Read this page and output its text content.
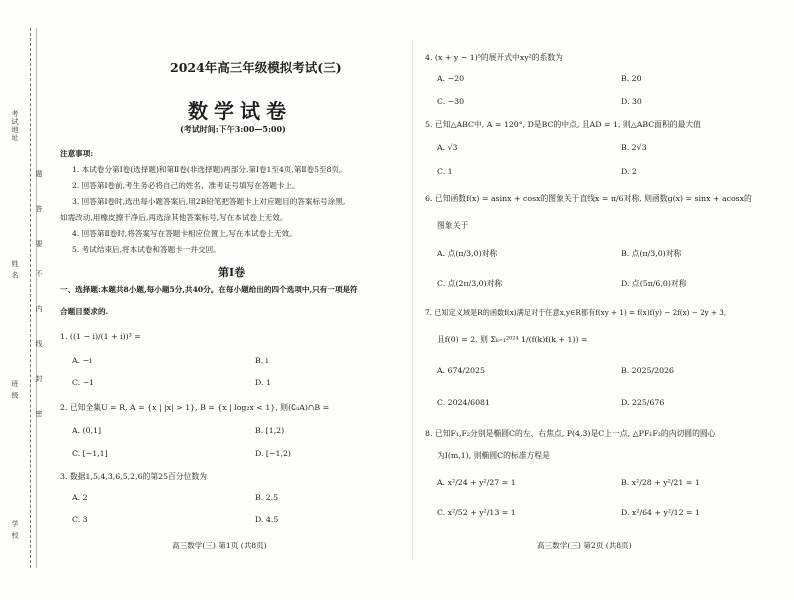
考试地址
姓 名
班 级
学 校
题
答
要
不
内
线
封
密
2024年高三年级模拟考试(三)
数学试卷
(考试时间:下午3:00—5:00)
注意事项:
1. 本试卷分第Ⅰ卷(选择题)和第Ⅱ卷(非选择题)两部分,第Ⅰ卷1至4页,第Ⅱ卷5至8页。
2. 回答第Ⅰ卷前,考生务必将自己的姓名、准考证号填写在答题卡上。
3. 回答第Ⅰ卷时,选出每小题答案后,用2B铅笔把答题卡上对应题目的答案标号涂黑,
如需改动,用橡皮擦干净后,再选涂其他答案标号,写在本试卷上无效。
4. 回答第Ⅱ卷时,将答案写在答题卡相应位置上,写在本试卷上无效。
5. 考试结束后,将本试卷和答题卡一并交回。
第Ⅰ卷
一、选择题:本题共8小题,每小题5分,共40分。在每小题给出的四个选项中,只有一项是符
合题目要求的.
1. ((1 − i)/(1 + i))³ =
A. −i	B. i
C. −1	D. 1
2. 已知全集U = R, A = {x | |x| > 1}, B = {x | log₂x < 1}, 则(∁ᵤA)∩B =
A. (0,1]	B. [1,2)
C. [−1,1]	D. [−1,2)
3. 数据1,5,4,3,6,5,2,6的第25百分位数为
A. 2	B. 2.5
C. 3	D. 4.5
高三数学(三) 第1页 (共8页)
4. (x + y − 1)⁵的展开式中xy²的系数为
A. −20	B. 20
C. −30	D. 30
5. 已知△ABC中, A = 120°, D是BC的中点, 且AD = 1, 则△ABC面积的最大值
A. √3	B. 2√3
C. 1	D. 2
6. 已知函数f(x) = asinx + cosx的图象关于直线x = π/6对称, 则函数g(x) = sinx + acosx的
图象关于
A. 点(π/3,0)对称	B. 点(π/3,0)对称
C. 点(2π/3,0)对称	D. 点(5π/6,0)对称
7. 已知定义域是R的函数f(x)满足对于任意x,y∈R都有f(xy + 1) = f(x)f(y) − 2f(x) − 2y + 3,
且f(0) = 2, 则 Σₖ₌₁²⁰²⁴ 1/(f(k)f(k + 1)) =
A. 674/2025	B. 2025/2026
C. 2024/6081	D. 225/676
8. 已知F₁,F₂分别是椭圆C的左、右焦点, P(4,3)是C上一点, △PF₁F₂的内切圆的圆心
为I(m,1), 则椭圆C的标准方程是
A. x²/24 + y²/27 = 1	B. x²/28 + y²/21 = 1
C. x²/52 + y²/13 = 1	D. x²/64 + y²/12 = 1
高三数学(三) 第2页 (共8页)
